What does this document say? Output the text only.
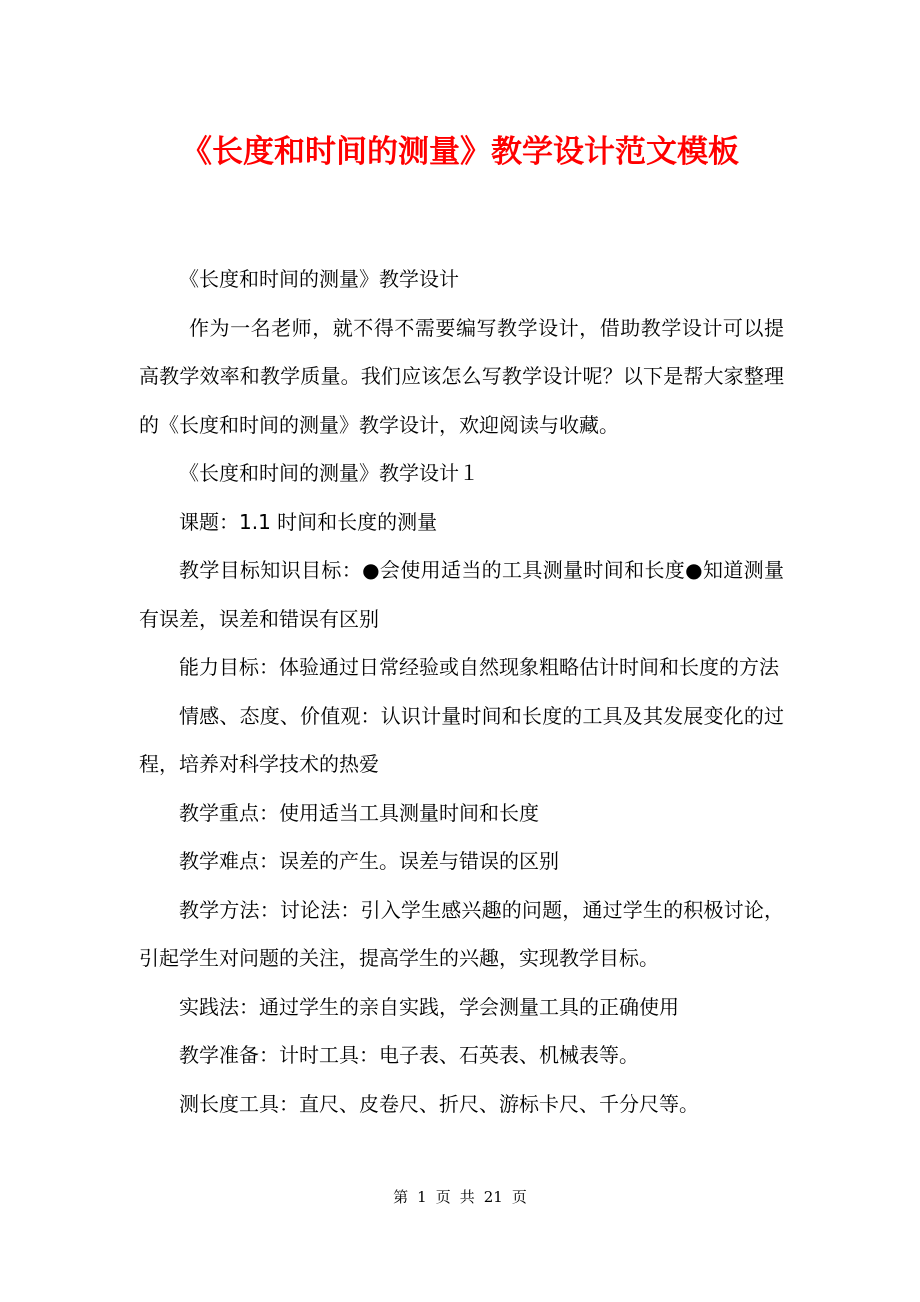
《长度和时间的测量》教学设计范文模板

《长度和时间的测量》教学设计

作为一名老师，就不得不需要编写教学设计，借助教学设计可以提高教学效率和教学质量。我们应该怎么写教学设计呢？以下是帮大家整理的《长度和时间的测量》教学设计，欢迎阅读与收藏。

《长度和时间的测量》教学设计１

课题：1.1 时间和长度的测量

教学目标知识目标：●会使用适当的工具测量时间和长度●知道测量有误差，误差和错误有区别

能力目标：体验通过日常经验或自然现象粗略估计时间和长度的方法

情感、态度、价值观：认识计量时间和长度的工具及其发展变化的过程，培养对科学技术的热爱

教学重点：使用适当工具测量时间和长度

教学难点：误差的产生。误差与错误的区别

教学方法：讨论法：引入学生感兴趣的问题，通过学生的积极讨论，引起学生对问题的关注，提高学生的兴趣，实现教学目标。

实践法：通过学生的亲自实践，学会测量工具的正确使用

教学准备：计时工具：电子表、石英表、机械表等。

测长度工具：直尺、皮卷尺、折尺、游标卡尺、千分尺等。

第 1 页 共 21 页
